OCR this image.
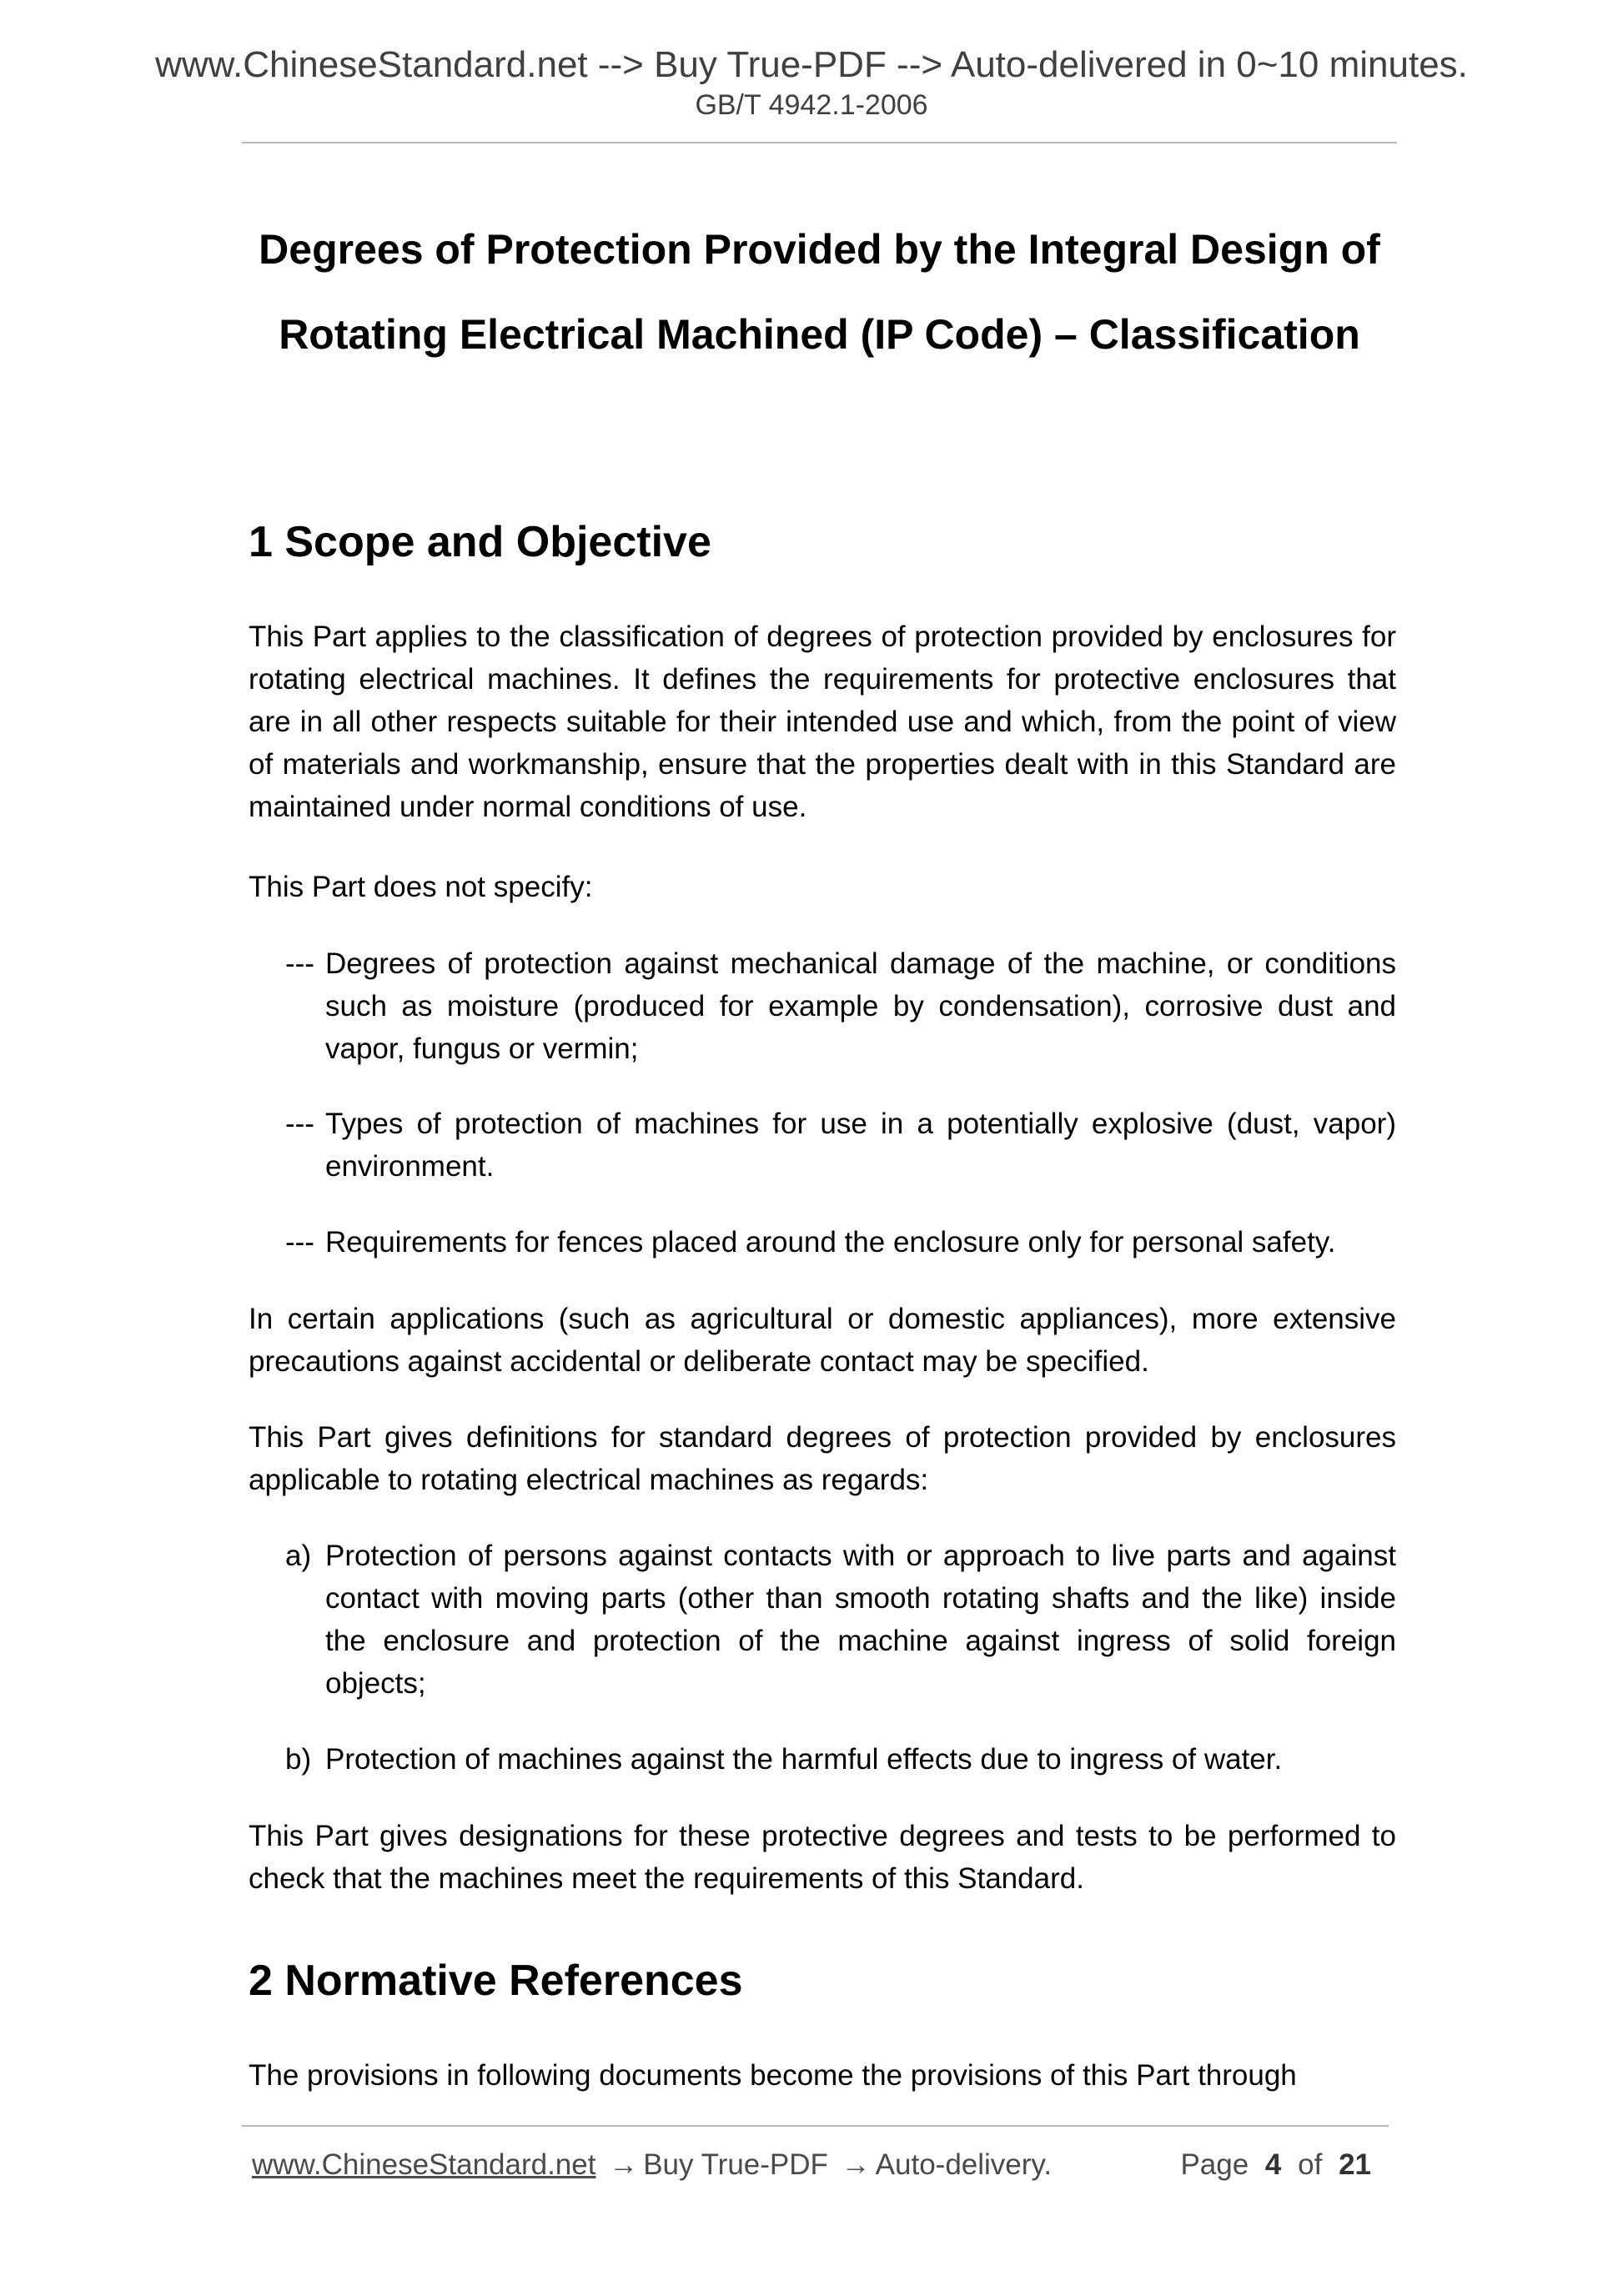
www.ChineseStandard.net --> Buy True-PDF --> Auto-delivered in 0~10 minutes.
GB/T 4942.1-2006
Degrees of Protection Provided by the Integral Design of
Rotating Electrical Machined (IP Code) – Classification
1 Scope and Objective

This Part applies to the classification of degrees of protection provided by enclosures for rotating electrical machines. It defines the requirements for protective enclosures that are in all other respects suitable for their intended use and which, from the point of view of materials and workmanship, ensure that the properties dealt with in this Standard are maintained under normal conditions of use.

This Part does not specify:

--- Degrees of protection against mechanical damage of the machine, or conditions such as moisture (produced for example by condensation), corrosive dust and vapor, fungus or vermin;
--- Types of protection of machines for use in a potentially explosive (dust, vapor) environment.
--- Requirements for fences placed around the enclosure only for personal safety.

In certain applications (such as agricultural or domestic appliances), more extensive precautions against accidental or deliberate contact may be specified.

This Part gives definitions for standard degrees of protection provided by enclosures applicable to rotating electrical machines as regards:

a) Protection of persons against contacts with or approach to live parts and against contact with moving parts (other than smooth rotating shafts and the like) inside the enclosure and protection of the machine against ingress of solid foreign objects;
b) Protection of machines against the harmful effects due to ingress of water.

This Part gives designations for these protective degrees and tests to be performed to check that the machines meet the requirements of this Standard.

2 Normative References

The provisions in following documents become the provisions of this Part through

www.ChineseStandard.net → Buy True-PDF → Auto-delivery.	Page 4 of 21
